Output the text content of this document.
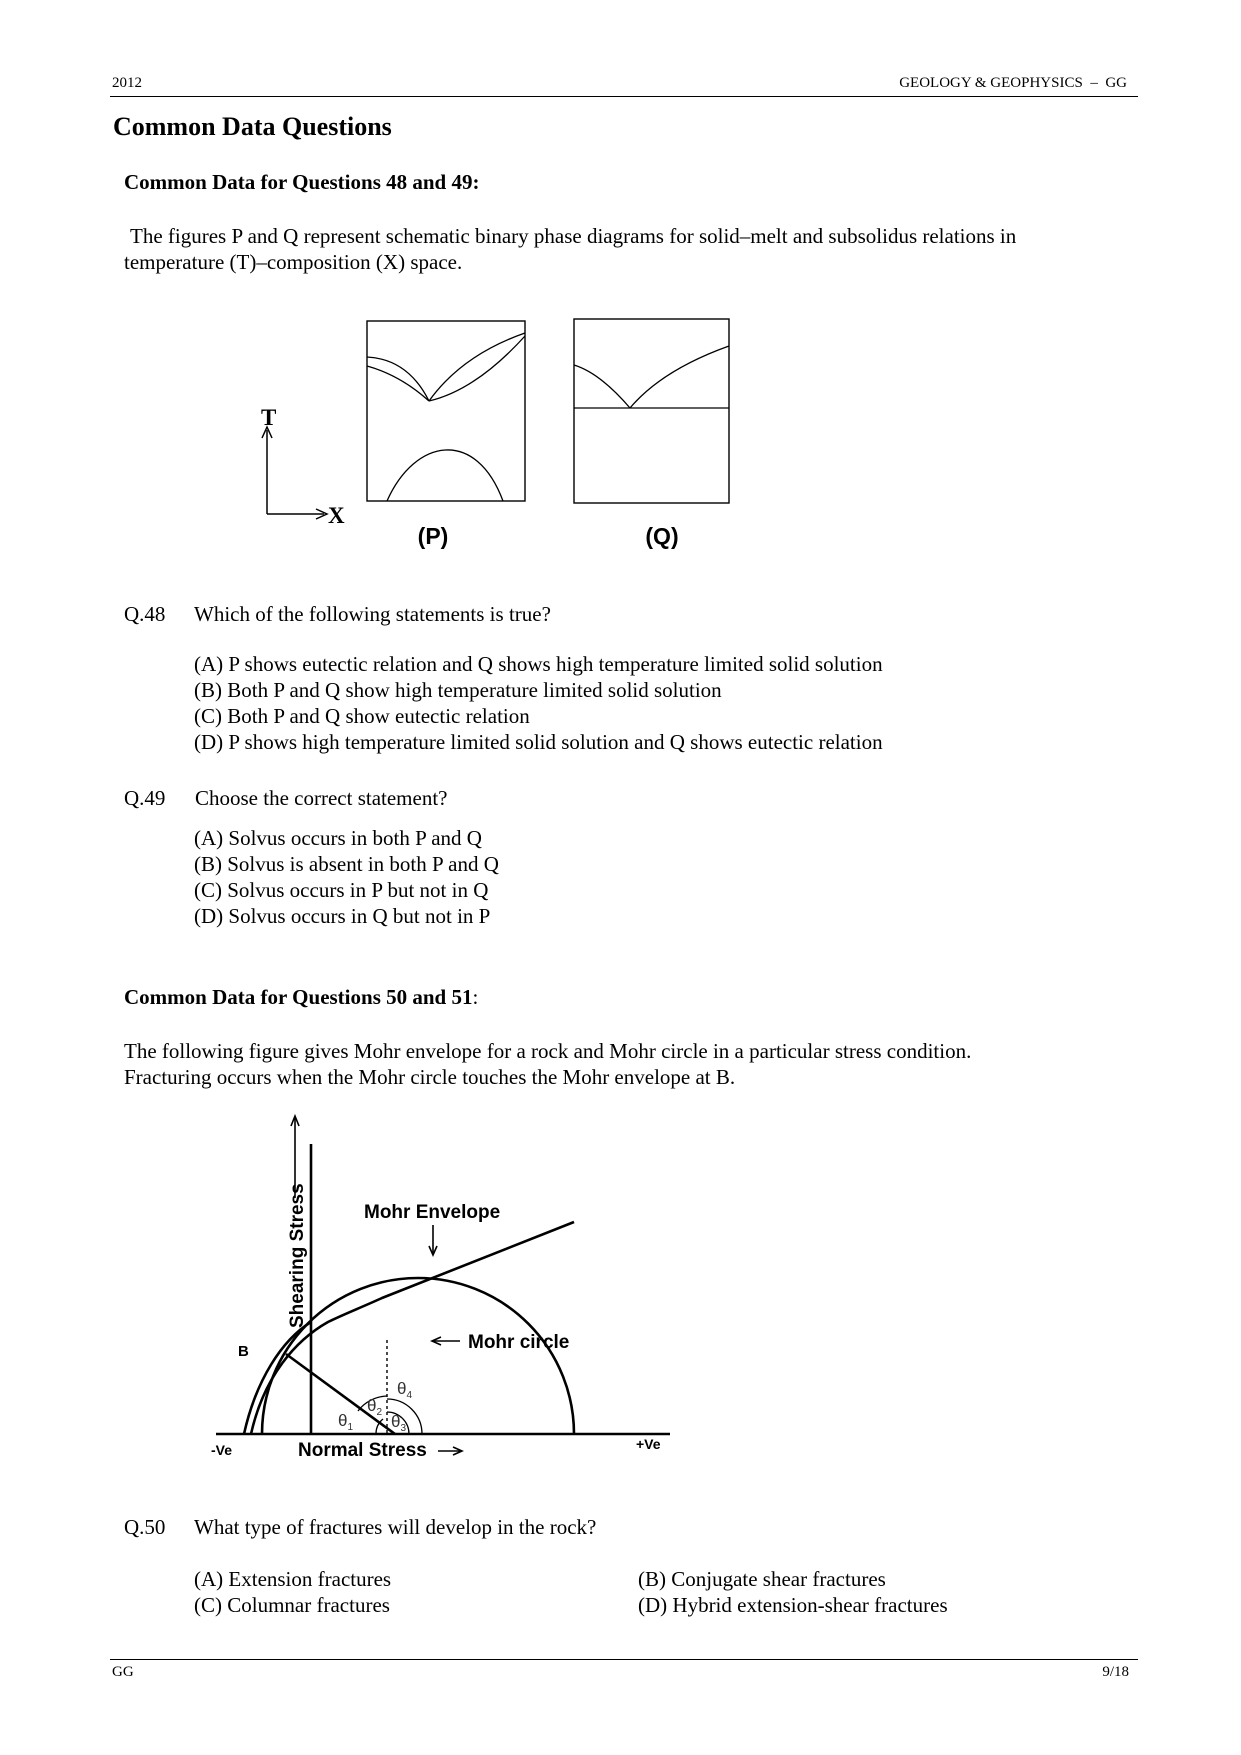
2012	GEOLOGY & GEOPHYSICS  –  GG
Common Data Questions
Common Data for Questions 48 and 49:
The figures P and Q represent schematic binary phase diagrams for solid–melt and subsolidus relations in
temperature (T)–composition (X) space.
T
X
(P)	(Q)
Q.48 Which of the following statements is true?
(A) P shows eutectic relation and Q shows high temperature limited solid solution
(B) Both P and Q show high temperature limited solid solution
(C) Both P and Q show eutectic relation
(D) P shows high temperature limited solid solution and Q shows eutectic relation
Q.49 Choose the correct statement?
(A) Solvus occurs in both P and Q
(B) Solvus is absent in both P and Q
(C) Solvus occurs in P but not in Q
(D) Solvus occurs in Q but not in P
Common Data for Questions 50 and 51:
The following figure gives Mohr envelope for a rock and Mohr circle in a particular stress condition.
Fracturing occurs when the Mohr circle touches the Mohr envelope at B.
Shearing Stress
$\theta_1$
$\theta_2$ $\theta_3$
$\theta_4$
Mohr Envelope
Mohr circle
B
-Ve	Normal Stress	+Ve
Q.50 What type of fractures will develop in the rock?
(A) Extension fractures	(B) Conjugate shear fractures
(C) Columnar fractures	(D) Hybrid extension-shear fractures
GG	9/18
